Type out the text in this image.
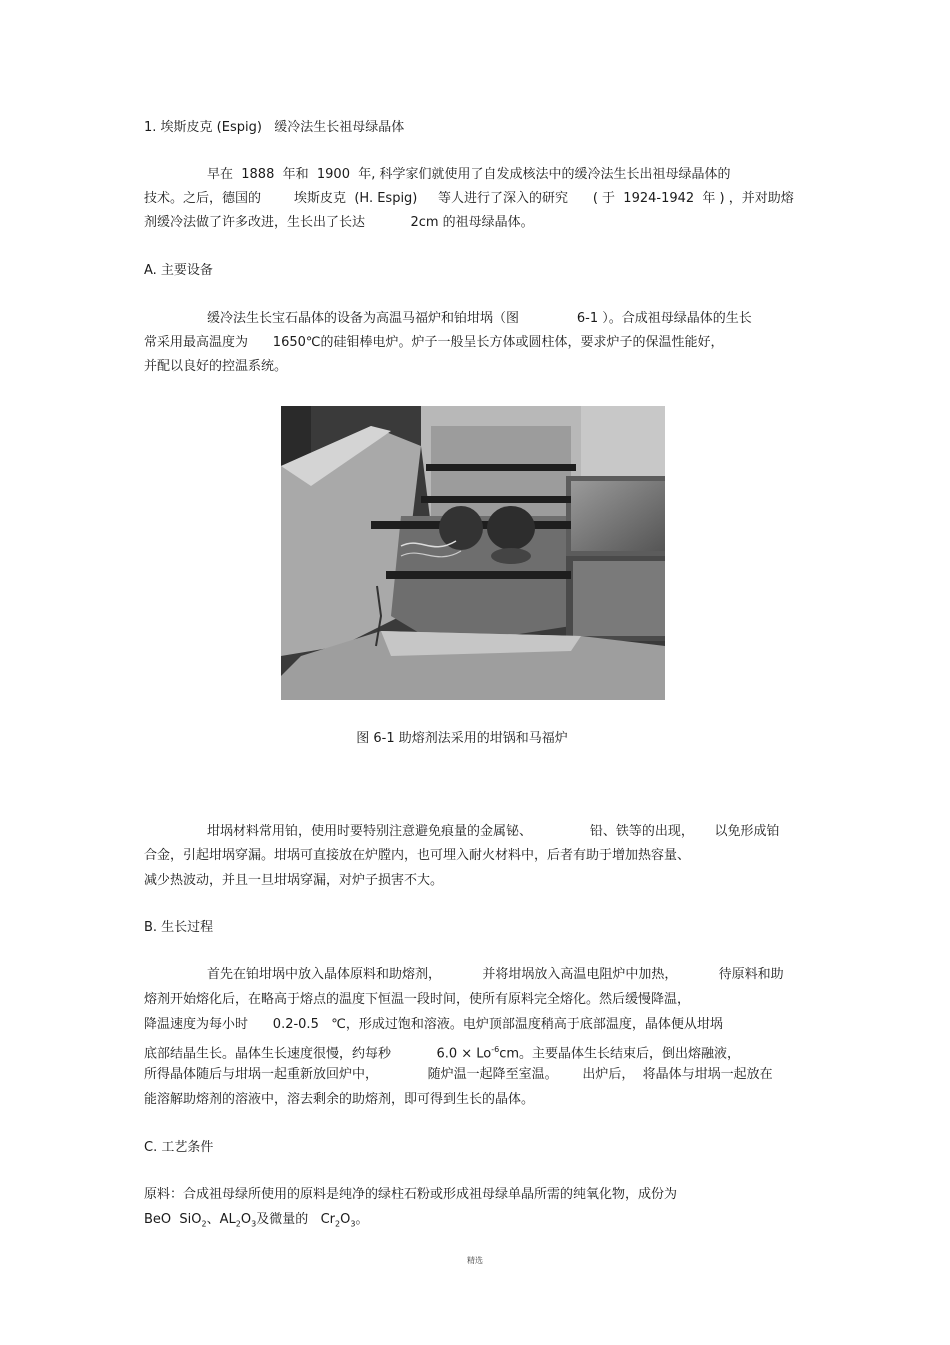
1. 埃斯皮克 (Espig)   缓冷法生长祖母绿晶体
早在  1888  年和  1900  年, 科学家们就使用了自发成核法中的缓冷法生长出祖母绿晶体的
技术。之后，德国的        埃斯皮克  (H. Espig)     等人进行了深入的研究      ( 于  1924-1942  年 ) ，并对助熔
剂缓冷法做了许多改进，生长出了长达           2cm 的祖母绿晶体。
A. 主要设备
缓冷法生长宝石晶体的设备为高温马福炉和铂坩埚（图              6-1 ）。合成祖母绿晶体的生长
常采用最高温度为      1650℃的硅钼棒电炉。炉子一般呈长方体或圆柱体，要求炉子的保温性能好，
并配以良好的控温系统。
图 6-1 助熔剂法采用的坩锅和马福炉
坩埚材料常用铂，使用时要特别注意避免痕量的金属铋、              铅、铁等的出现，     以免形成铂
合金，引起坩埚穿漏。坩埚可直接放在炉膛内，也可埋入耐火材料中，后者有助于增加热容量、
减少热波动，并且一旦坩埚穿漏，对炉子损害不大。
B. 生长过程
首先在铂坩埚中放入晶体原料和助熔剂，          并将坩埚放入高温电阻炉中加热，          待原料和助
熔剂开始熔化后，在略高于熔点的温度下恒温一段时间，使所有原料完全熔化。然后缓慢降温，
降温速度为每小时      0.2-0.5   ℃，形成过饱和溶液。电炉顶部温度稍高于底部温度，晶体便从坩埚
底部结晶生长。晶体生长速度很慢，约每秒           $6.0 \times Lo^{-6}cm$。主要晶体生长结束后，倒出熔融液，
所得晶体随后与坩埚一起重新放回炉中，            随炉温一起降至室温。      出炉后，  将晶体与坩埚一起放在
能溶解助熔剂的溶液中，溶去剩余的助熔剂，即可得到生长的晶体。
C. 工艺条件
原料：合成祖母绿所使用的原料是纯净的绿柱石粉或形成祖母绿单晶所需的纯氧化物，成份为
BeO SiO$_2$、$AL_2O_3$及微量的 $Cr_2O_3$。
精选
